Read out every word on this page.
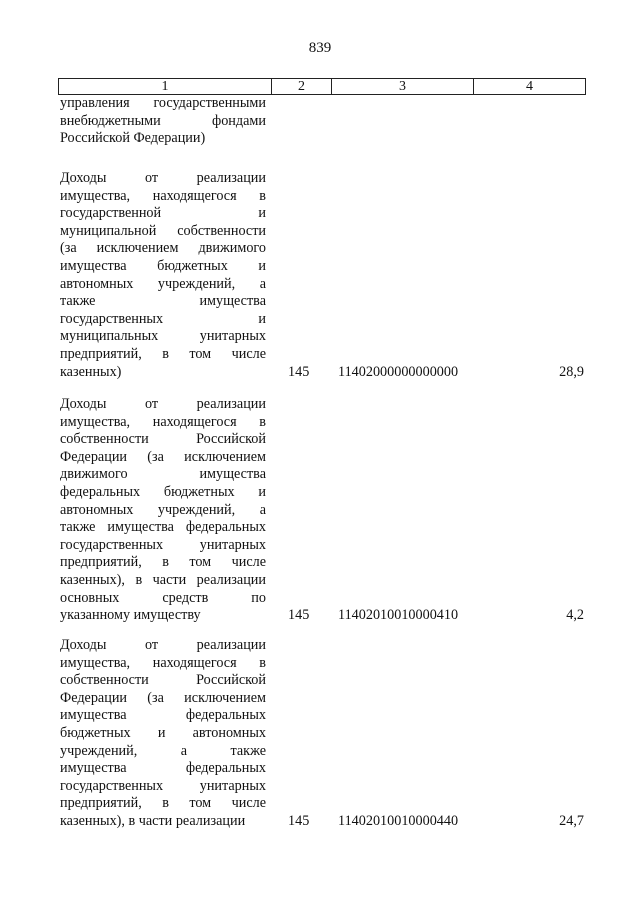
839
1	2	3	4
управления государственными
внебюджетными фондами
Российской Федерации)
Доходы от реализации
имущества, находящегося в
государственной и
муниципальной собственности
(за исключением движимого
имущества бюджетных и
автономных учреждений, а
также имущества
государственных и
муниципальных унитарных
предприятий, в том числе
казенных)	145	11402000000000000	28,9
Доходы от реализации
имущества, находящегося в
собственности Российской
Федерации (за исключением
движимого имущества
федеральных бюджетных и
автономных учреждений, а
также имущества федеральных
государственных унитарных
предприятий, в том числе
казенных), в части реализации
основных средств по
указанному имуществу	145	11402010010000410	4,2
Доходы от реализации
имущества, находящегося в
собственности Российской
Федерации (за исключением
имущества федеральных
бюджетных и автономных
учреждений, а также
имущества федеральных
государственных унитарных
предприятий, в том числе
казенных), в части реализации	145	11402010010000440	24,7
